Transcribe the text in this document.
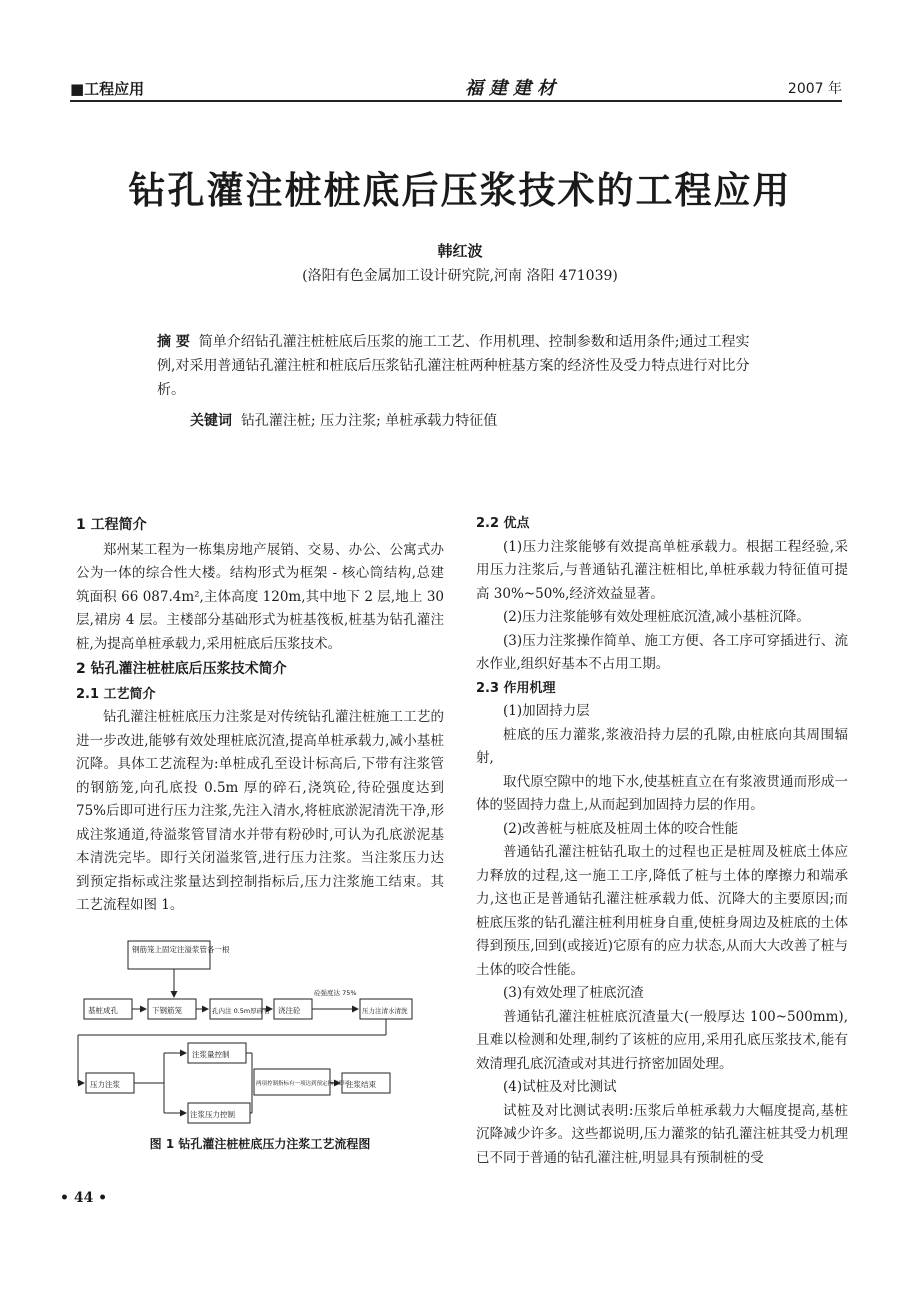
■工程应用	福建建材	2007 年
钻孔灌注桩桩底后压浆技术的工程应用
韩红波
(洛阳有色金属加工设计研究院,河南 洛阳 471039)
摘 要 简单介绍钻孔灌注桩桩底后压浆的施工工艺、作用机理、控制参数和适用条件;通过工程实例,对采用普通钻孔灌注桩和桩底后压浆钻孔灌注桩两种桩基方案的经济性及受力特点进行对比分析。
关键词 钻孔灌注桩; 压力注浆; 单桩承载力特征值
1 工程简介

郑州某工程为一栋集房地产展销、交易、办公、公寓式办公为一体的综合性大楼。结构形式为框架 - 核心筒结构,总建筑面积 66 087.4m²,主体高度 120m,其中地下 2 层,地上 30 层,裙房 4 层。主楼部分基础形式为桩基筏板,桩基为钻孔灌注桩,为提高单桩承载力,采用桩底后压浆技术。

2 钻孔灌注桩桩底后压浆技术简介
2.1 工艺简介

钻孔灌注桩桩底压力注浆是对传统钻孔灌注桩施工工艺的进一步改进,能够有效处理桩底沉渣,提高单桩承载力,减小基桩沉降。具体工艺流程为:单桩成孔至设计标高后,下带有注浆管的钢筋笼,向孔底投 0.5m 厚的碎石,浇筑砼,待砼强度达到 75%后即可进行压力注浆,先注入清水,将桩底淤泥清洗干净,形成注浆通道,待溢浆管冒清水并带有粉砂时,可认为孔底淤泥基本清洗完毕。即行关闭溢浆管,进行压力注浆。当注浆压力达到预定指标或注浆量达到控制指标后,压力注浆施工结束。其工艺流程如图 1。

钢筋笼上固定注溢浆管各一根
基桩成孔	下钢筋笼	孔内注 0.5m厚碎石 浇注砼
砼强度达 75%
压力注清水清洗
压力注浆
注浆量控制
注浆压力控制
两项控制指标有一项达到预定指标即可
注浆结束
图 1 钻孔灌注桩桩底压力注浆工艺流程图
2.2 优点

(1)压力注浆能够有效提高单桩承载力。根据工程经验,采用压力注浆后,与普通钻孔灌注桩相比,单桩承载力特征值可提高 30%~50%,经济效益显著。

(2)压力注浆能够有效处理桩底沉渣,减小基桩沉降。

(3)压力注浆操作简单、施工方便、各工序可穿插进行、流水作业,组织好基本不占用工期。

2.3 作用机理

(1)加固持力层

桩底的压力灌浆,浆液沿持力层的孔隙,由桩底向其周围辐射,

取代原空隙中的地下水,使基桩直立在有浆液贯通而形成一体的竖固持力盘上,从而起到加固持力层的作用。

(2)改善桩与桩底及桩周土体的咬合性能

普通钻孔灌注桩钻孔取土的过程也正是桩周及桩底土体应力释放的过程,这一施工工序,降低了桩与土体的摩擦力和端承力,这也正是普通钻孔灌注桩承载力低、沉降大的主要原因;而桩底压浆的钻孔灌注桩利用桩身自重,使桩身周边及桩底的土体得到预压,回到(或接近)它原有的应力状态,从而大大改善了桩与土体的咬合性能。

(3)有效处理了桩底沉渣

普通钻孔灌注桩桩底沉渣量大(一般厚达 100~500mm),且难以检测和处理,制约了该桩的应用,采用孔底压浆技术,能有效清理孔底沉渣或对其进行挤密加固处理。

(4)试桩及对比测试

试桩及对比测试表明:压浆后单桩承载力大幅度提高,基桩沉降减少许多。这些都说明,压力灌浆的钻孔灌注桩其受力机理已不同于普通的钻孔灌注桩,明显具有预制桩的受

• 44 •
